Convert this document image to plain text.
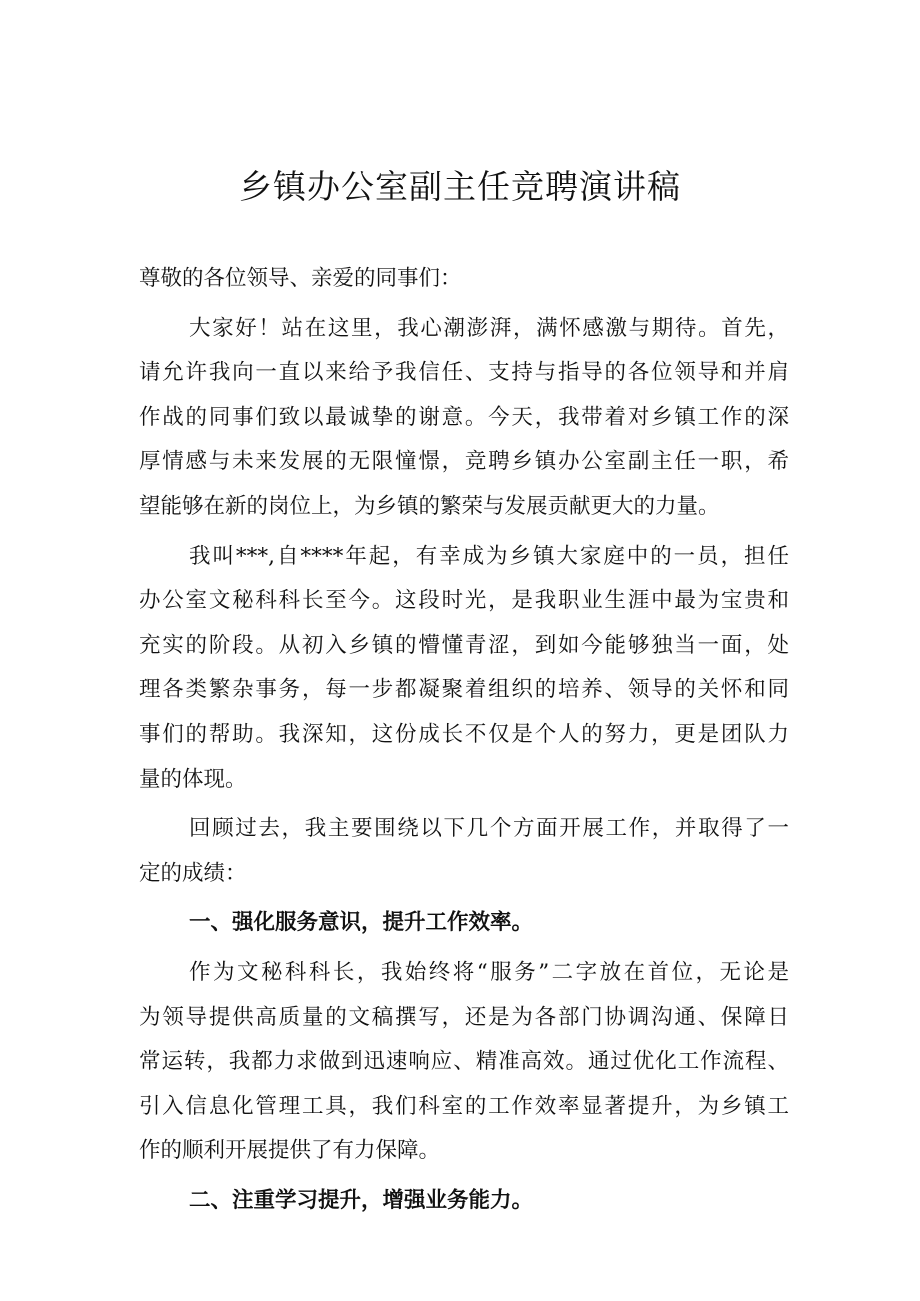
乡镇办公室副主任竞聘演讲稿
尊敬的各位领导、亲爱的同事们：
大家好！站在这里，我心潮澎湃，满怀感激与期待。首先，
请允许我向一直以来给予我信任、支持与指导的各位领导和并肩
作战的同事们致以最诚挚的谢意。今天，我带着对乡镇工作的深
厚情感与未来发展的无限憧憬，竞聘乡镇办公室副主任一职，希
望能够在新的岗位上，为乡镇的繁荣与发展贡献更大的力量。
我叫***,自****年起，有幸成为乡镇大家庭中的一员，担任
办公室文秘科科长至今。这段时光，是我职业生涯中最为宝贵和
充实的阶段。从初入乡镇的懵懂青涩，到如今能够独当一面，处
理各类繁杂事务，每一步都凝聚着组织的培养、领导的关怀和同
事们的帮助。我深知，这份成长不仅是个人的努力，更是团队力
量的体现。
回顾过去，我主要围绕以下几个方面开展工作，并取得了一
定的成绩：
一、强化服务意识，提升工作效率。
作为文秘科科长，我始终将“服务”二字放在首位，无论是
为领导提供高质量的文稿撰写，还是为各部门协调沟通、保障日
常运转，我都力求做到迅速响应、精准高效。通过优化工作流程、
引入信息化管理工具，我们科室的工作效率显著提升，为乡镇工
作的顺利开展提供了有力保障。
二、注重学习提升，增强业务能力。
